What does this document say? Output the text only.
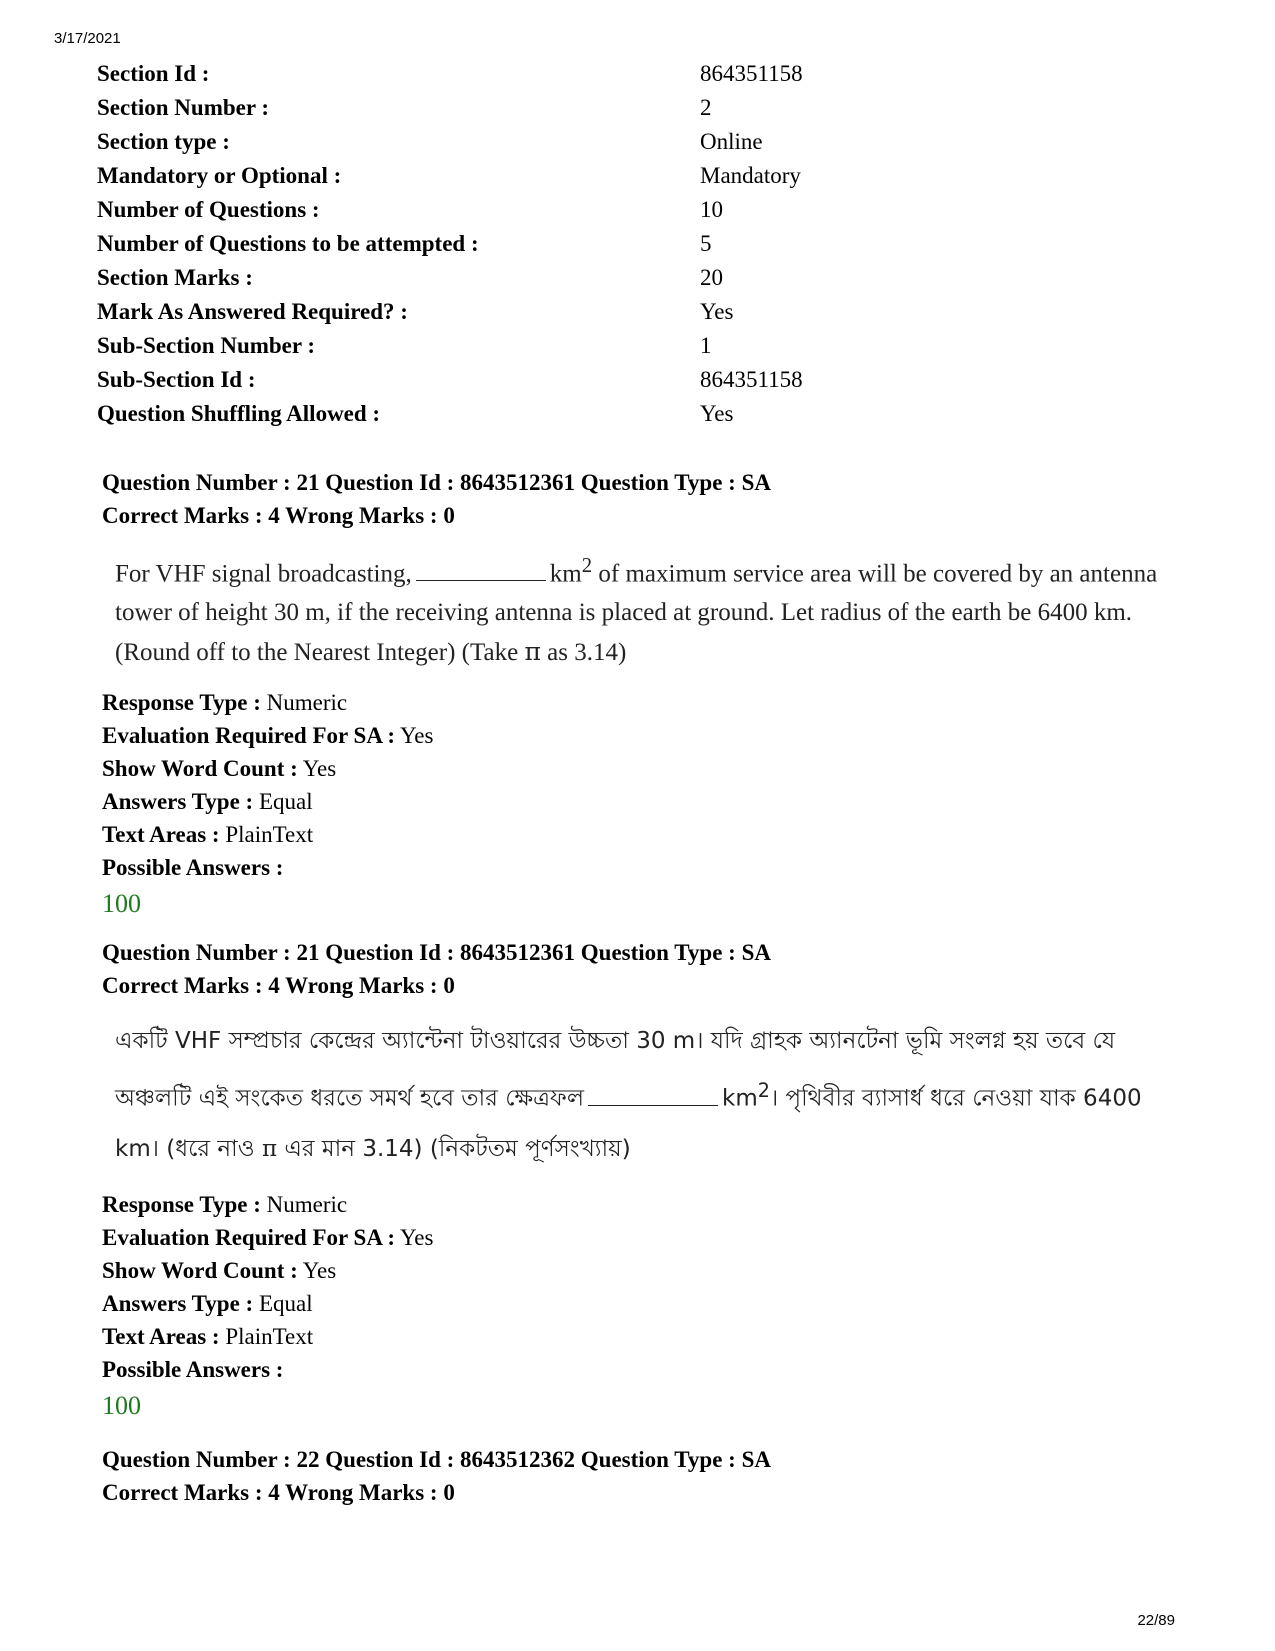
3/17/2021
Section Id :	864351158
Section Number :	2
Section type :	Online
Mandatory or Optional :	Mandatory
Number of Questions :	10
Number of Questions to be attempted :	5
Section Marks :	20
Mark As Answered Required? :	Yes
Sub-Section Number :	1
Sub-Section Id :	864351158
Question Shuffling Allowed :	Yes
Question Number : 21 Question Id : 8643512361 Question Type : SA
Correct Marks : 4 Wrong Marks : 0
For VHF signal broadcasting,	$km^2$ of maximum service area will be covered by an antenna tower of height 30 m, if the receiving antenna is placed at ground. Let radius of the earth be 6400 km. (Round off to the Nearest Integer) (Take π as 3.14)
Response Type : Numeric
Evaluation Required For SA : Yes
Show Word Count : Yes
Answers Type : Equal
Text Areas : PlainText
Possible Answers :
100
Question Number : 21 Question Id : 8643512361 Question Type : SA
Correct Marks : 4 Wrong Marks : 0
একটি VHF সম্প্রচার কেন্দ্রের অ্যান্টেনা টাওয়ারের উচ্চতা 30 m। যদি গ্রাহক অ্যানটেনা ভূমি সংলগ্ন হয় তবে যে অঞ্চলটি এই সংকেত ধরতে সমর্থ হবে তার ক্ষেত্রফল	$km^2।$ পৃথিবীর ব্যাসার্ধ ধরে নেওয়া যাক 6400 km। (ধরে নাও π এর মান 3.14) (নিকটতম পূর্ণসংখ্যায়)
Response Type : Numeric
Evaluation Required For SA : Yes
Show Word Count : Yes
Answers Type : Equal
Text Areas : PlainText
Possible Answers :
100
Question Number : 22 Question Id : 8643512362 Question Type : SA
Correct Marks : 4 Wrong Marks : 0
22/89
